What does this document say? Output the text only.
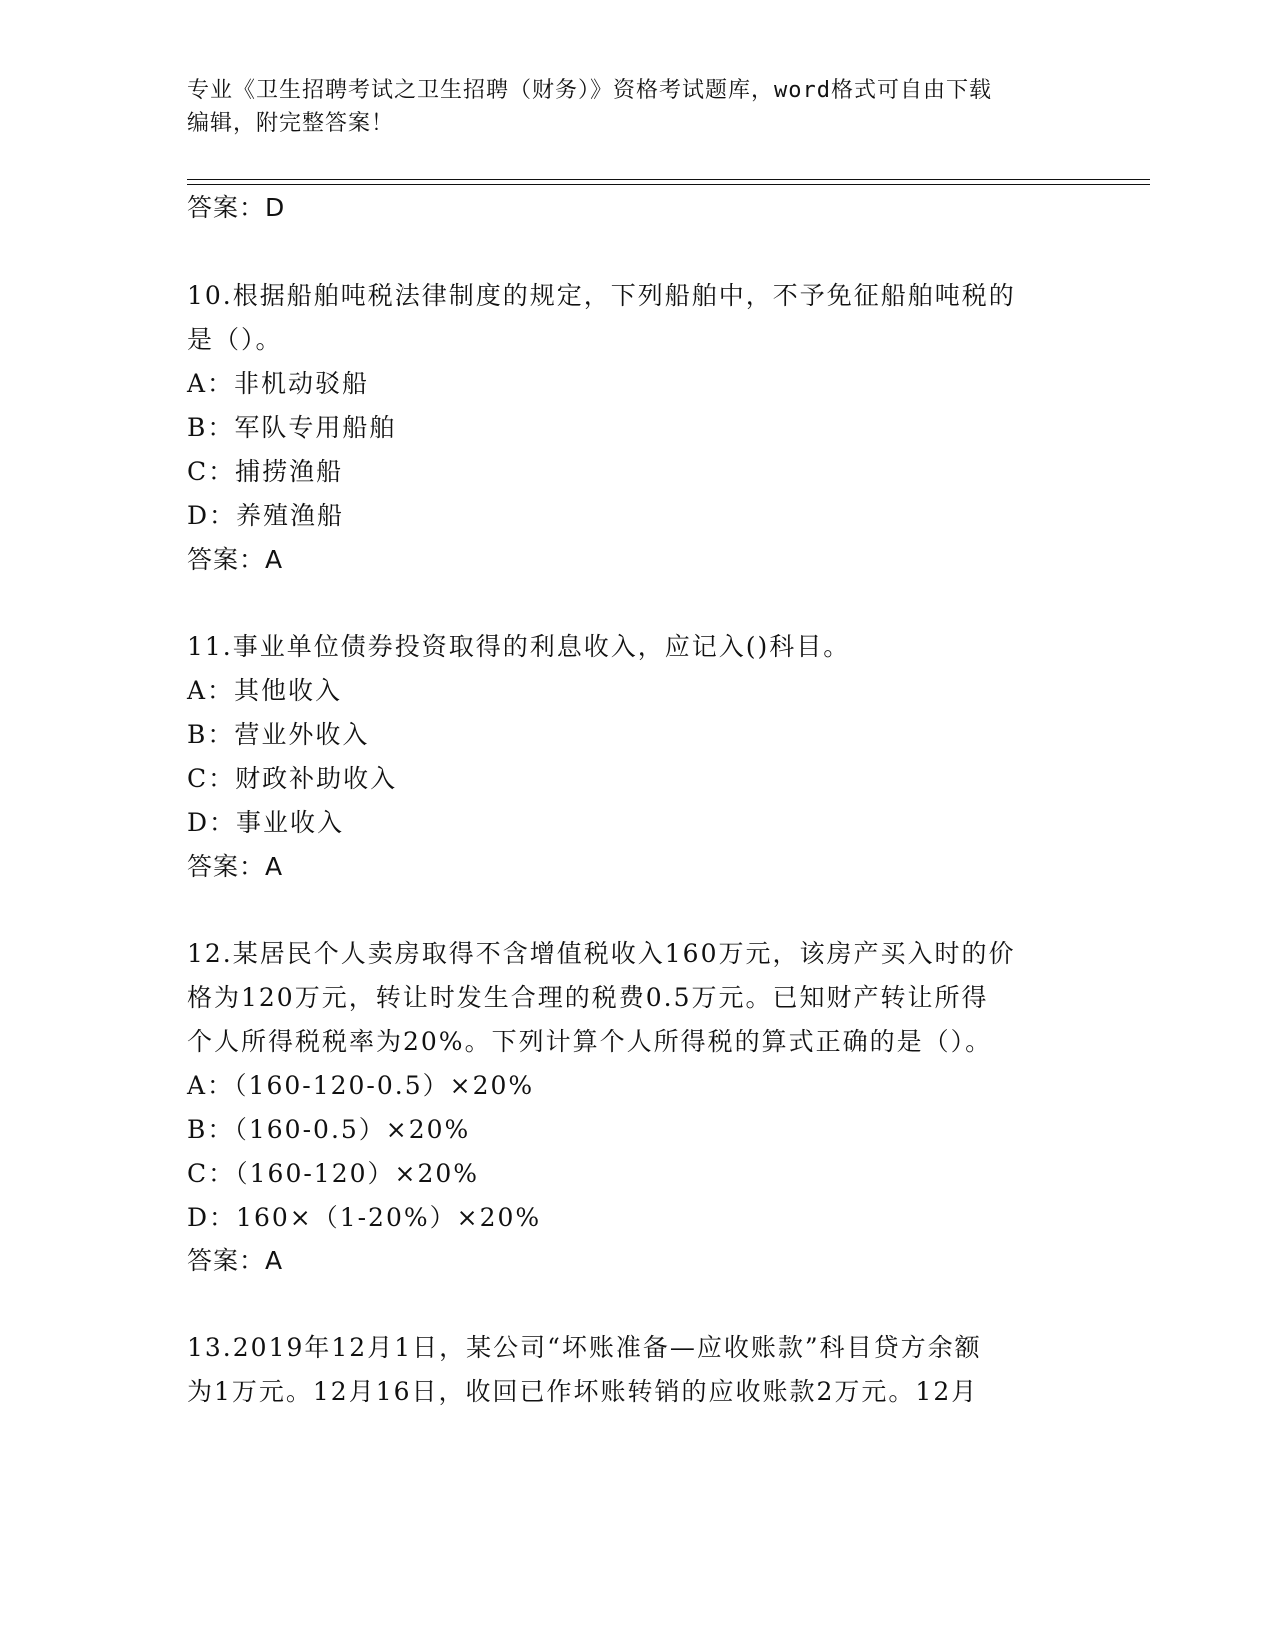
专业《卫生招聘考试之卫生招聘（财务）》资格考试题库，word格式可自由下载
编辑，附完整答案！
答案：D
10.根据船舶吨税法律制度的规定，下列船舶中，不予免征船舶吨税的
是（）。
A：非机动驳船
B：军队专用船舶
C：捕捞渔船
D：养殖渔船
答案：A
11.事业单位债券投资取得的利息收入，应记入()科目。
A：其他收入
B：营业外收入
C：财政补助收入
D：事业收入
答案：A
12.某居民个人卖房取得不含增值税收入160万元，该房产买入时的价
格为120万元，转让时发生合理的税费0.5万元。已知财产转让所得
个人所得税税率为20%。下列计算个人所得税的算式正确的是（）。
A：（160-120-0.5）×20%
B：（160-0.5）×20%
C：（160-120）×20%
D：160×（1-20%）×20%
答案：A
13.2019年12月1日，某公司“坏账准备—应收账款”科目贷方余额
为1万元。12月16日，收回已作坏账转销的应收账款2万元。12月
